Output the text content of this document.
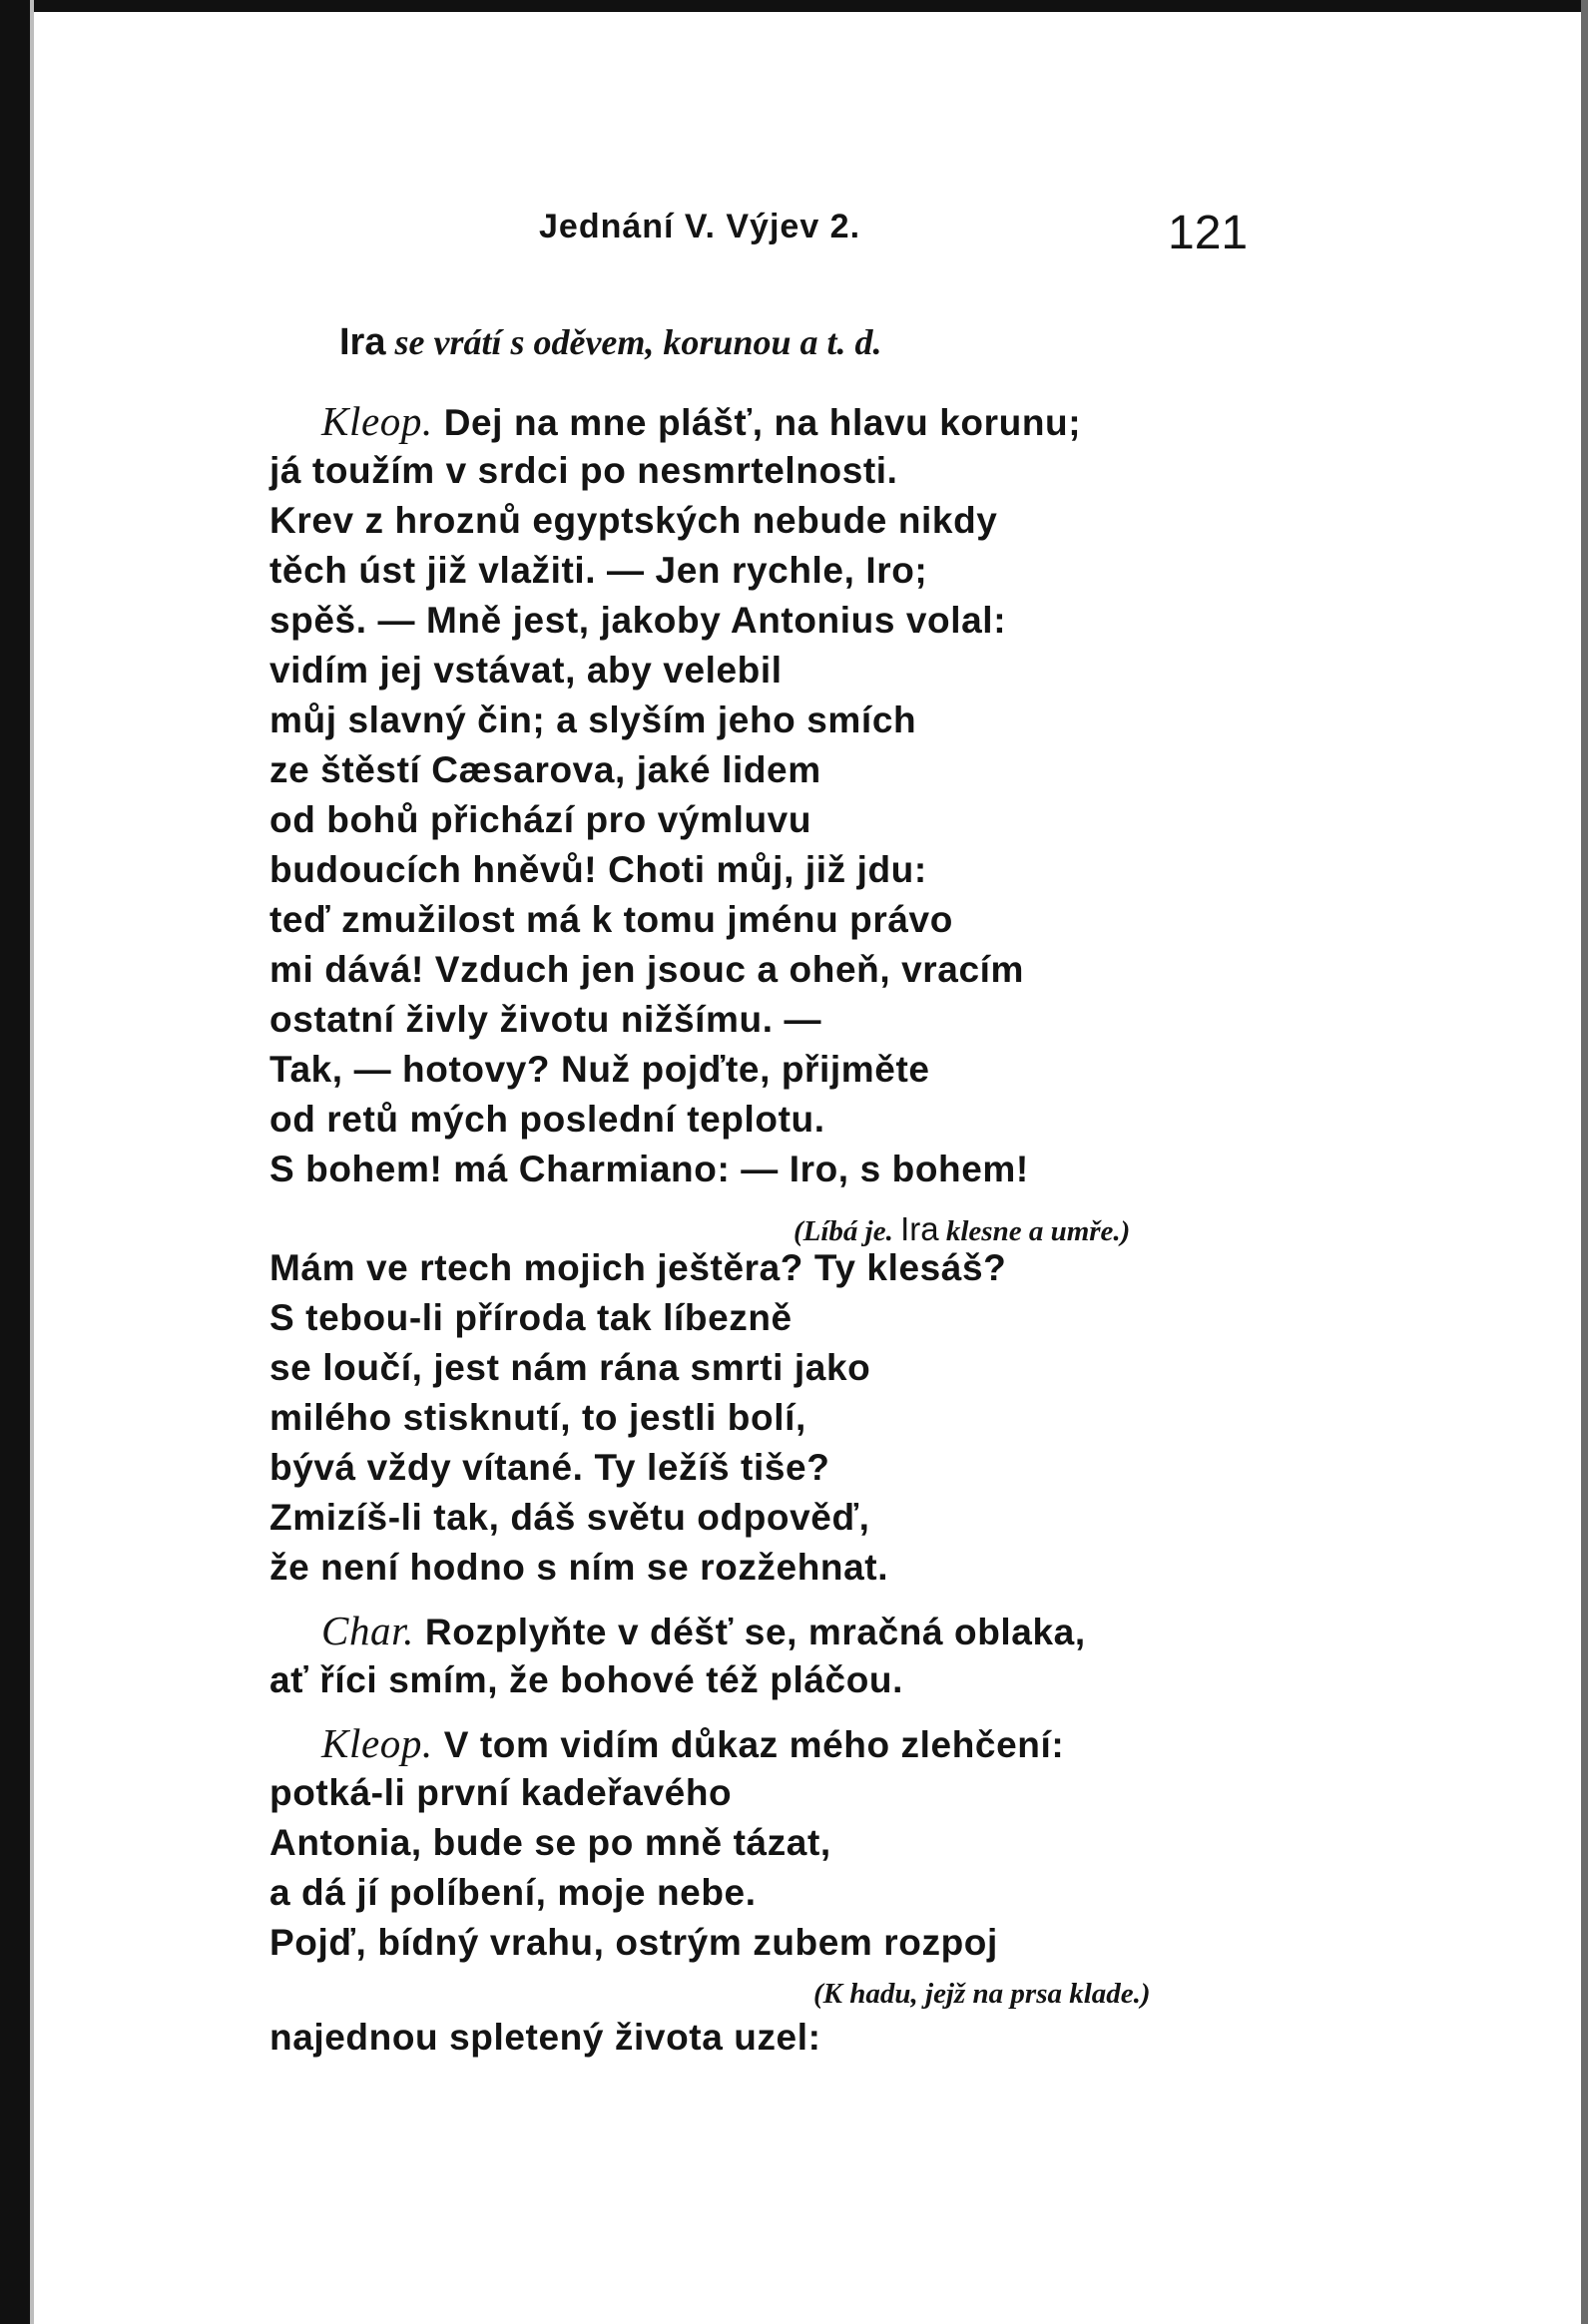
Jednání V. Výjev 2.	121
Ira se vrátí s oděvem, korunou a t. d.
Kleop. Dej na mne plášť, na hlavu korunu;
já toužím v srdci po nesmrtelnosti.
Krev z hroznů egyptských nebude nikdy
těch úst již vlažiti. — Jen rychle, Iro;
spěš. — Mně jest, jakoby Antonius volal:
vidím jej vstávat, aby velebil
můj slavný čin; a slyším jeho smích
ze štěstí Cæsarova, jaké lidem
od bohů přichází pro výmluvu
budoucích hněvů! Choti můj, již jdu:
teď zmužilost má k tomu jménu právo
mi dává! Vzduch jen jsouc a oheň, vracím
ostatní živly životu nižšímu. —
Tak, — hotovy? Nuž pojďte, přijměte
od retů mých poslední teplotu.
S bohem! má Charmiano: — Iro, s bohem!
Mám ve rtech mojich ještěra? Ty klesáš?
S tebou-li příroda tak líbezně
se loučí, jest nám rána smrti jako
milého stisknutí, to jestli bolí,
bývá vždy vítané. Ty ležíš tiše?
Zmizíš-li tak, dáš světu odpověď,
že není hodno s ním se rozžehnat.
Char. Rozplyňte v déšť se, mračná oblaka,
ať říci smím, že bohové též pláčou.
Kleop. V tom vidím důkaz mého zlehčení:
potká-li první kadeřavého
Antonia, bude se po mně tázat,
a dá jí políbení, moje nebe.
Pojď, bídný vrahu, ostrým zubem rozpoj
najednou spletený života uzel:
(Líbá je. Ira klesne a umře.)
(K hadu, jejž na prsa klade.)
